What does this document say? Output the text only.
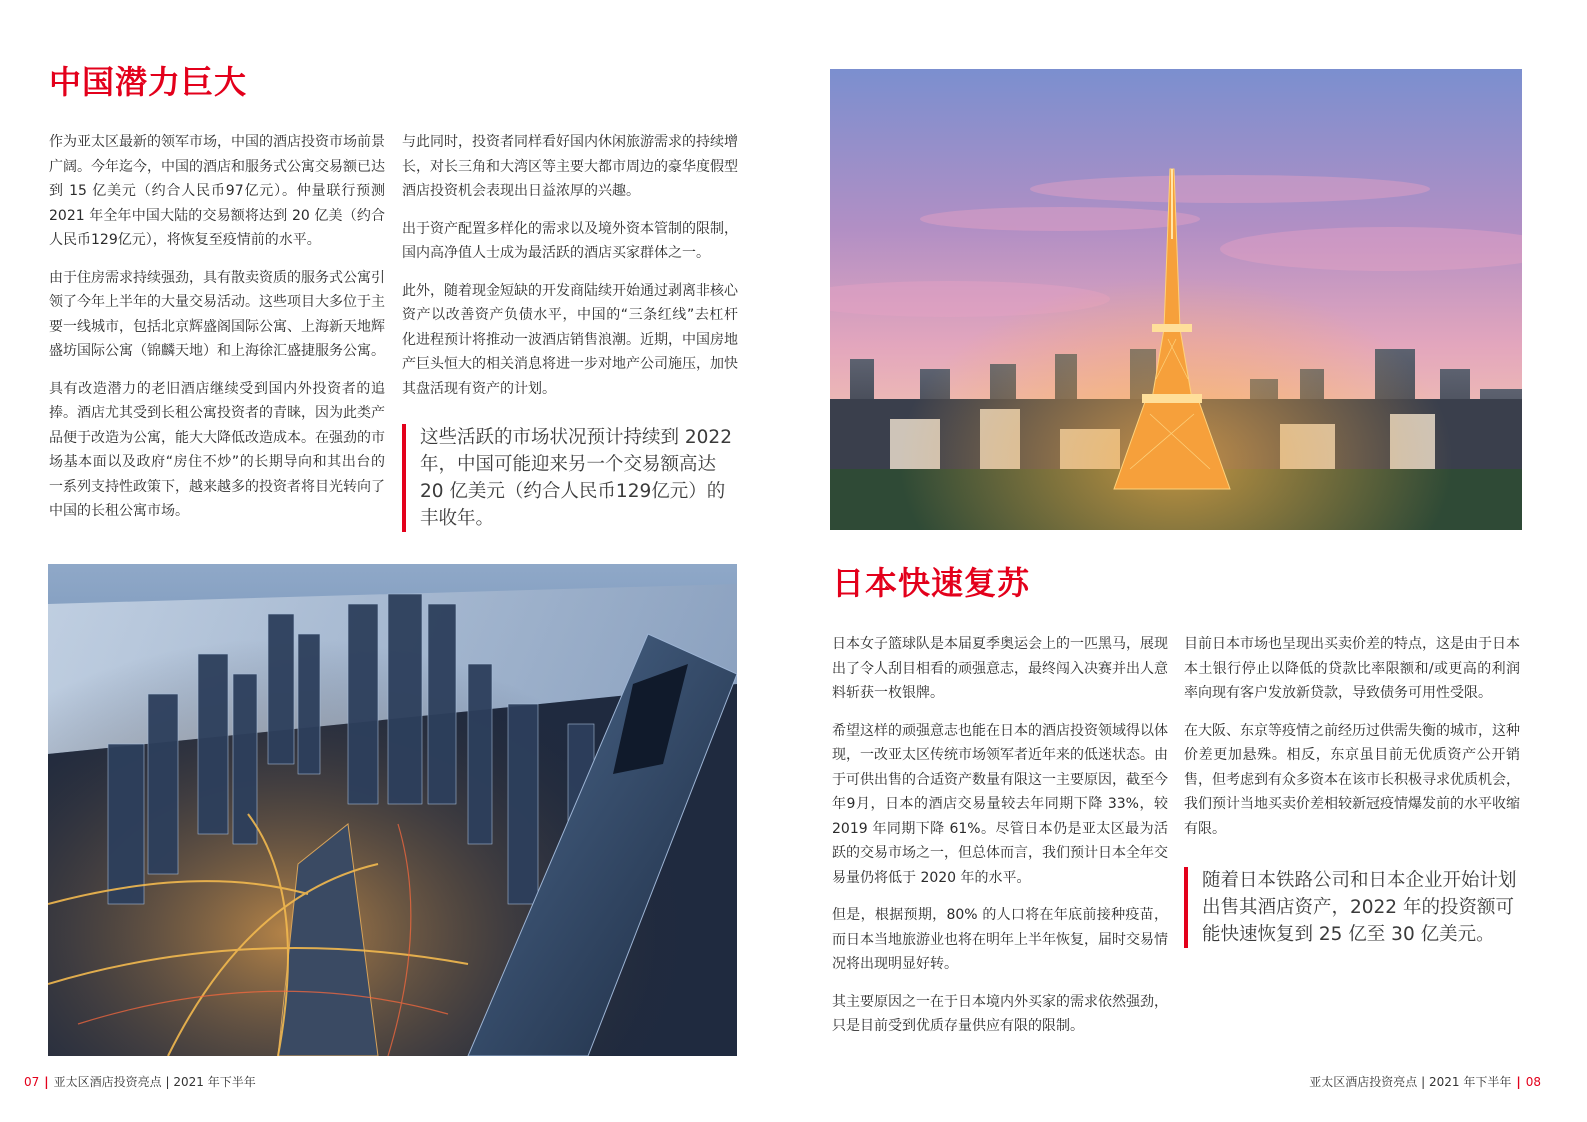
中国潜力巨大

作为亚太区最新的领军市场，中国的酒店投资市场前景广阔。今年迄今，中国的酒店和服务式公寓交易额已达到 15 亿美元（约合人民币97亿元）。仲量联行预测 2021 年全年中国大陆的交易额将达到 20 亿美（约合人民币129亿元），将恢复至疫情前的水平。

由于住房需求持续强劲，具有散卖资质的服务式公寓引领了今年上半年的大量交易活动。这些项目大多位于主要一线城市，包括北京辉盛阁国际公寓、上海新天地辉盛坊国际公寓（锦麟天地）和上海徐汇盛捷服务公寓。

具有改造潜力的老旧酒店继续受到国内外投资者的追捧。酒店尤其受到长租公寓投资者的青睐，因为此类产品便于改造为公寓，能大大降低改造成本。在强劲的市场基本面以及政府“房住不炒”的长期导向和其出台的一系列支持性政策下，越来越多的投资者将目光转向了中国的长租公寓市场。

与此同时，投资者同样看好国内休闲旅游需求的持续增长，对长三角和大湾区等主要大都市周边的豪华度假型酒店投资机会表现出日益浓厚的兴趣。

出于资产配置多样化的需求以及境外资本管制的限制，国内高净值人士成为最活跃的酒店买家群体之一。

此外，随着现金短缺的开发商陆续开始通过剥离非核心资产以改善资产负债水平，中国的“三条红线”去杠杆化进程预计将推动一波酒店销售浪潮。近期，中国房地产巨头恒大的相关消息将进一步对地产公司施压，加快其盘活现有资产的计划。

这些活跃的市场状况预计持续到 2022 年，中国可能迎来另一个交易额高达 20 亿美元（约合人民币129亿元）的丰收年。
日本快速复苏

日本女子篮球队是本届夏季奥运会上的一匹黑马，展现出了令人刮目相看的顽强意志，最终闯入决赛并出人意料斩获一枚银牌。

希望这样的顽强意志也能在日本的酒店投资领域得以体现，一改亚太区传统市场领军者近年来的低迷状态。由于可供出售的合适资产数量有限这一主要原因，截至今年9月，日本的酒店交易量较去年同期下降 33%，较 2019 年同期下降 61%。尽管日本仍是亚太区最为活跃的交易市场之一，但总体而言，我们预计日本全年交易量仍将低于 2020 年的水平。

但是，根据预期，80% 的人口将在年底前接种疫苗，而日本当地旅游业也将在明年上半年恢复，届时交易情况将出现明显好转。

其主要原因之一在于日本境内外买家的需求依然强劲，只是目前受到优质存量供应有限的限制。

目前日本市场也呈现出买卖价差的特点，这是由于日本本土银行停止以降低的贷款比率限额和/或更高的利润率向现有客户发放新贷款，导致债务可用性受限。

在大阪、东京等疫情之前经历过供需失衡的城市，这种价差更加悬殊。相反，东京虽目前无优质资产公开销售，但考虑到有众多资本在该市长积极寻求优质机会，我们预计当地买卖价差相较新冠疫情爆发前的水平收缩有限。

随着日本铁路公司和日本企业开始计划出售其酒店资产，2022 年的投资额可能快速恢复到 25 亿至 30 亿美元。
07 | 亚太区酒店投资亮点 | 2021 年下半年	亚太区酒店投资亮点 | 2021 年下半年 | 08
